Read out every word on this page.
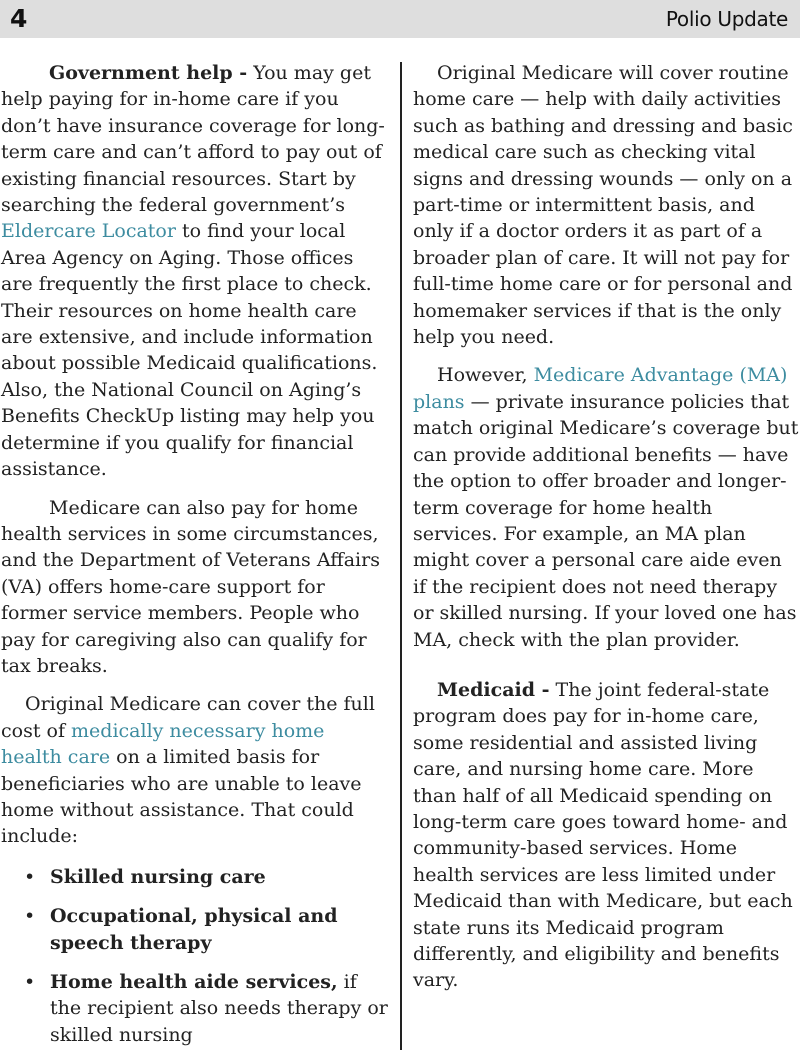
4	Polio Update

Government help - You may get help paying for in-home care if you don’t have insurance coverage for long-term care and can’t afford to pay out of existing financial resources. Start by searching the federal government’s Eldercare Locator to find your local Area Agency on Aging. Those offices are frequently the first place to check. Their resources on home health care are extensive, and include information about possible Medicaid qualifications. Also, the National Council on Aging’s Benefits CheckUp listing may help you determine if you qualify for financial assistance.

Medicare can also pay for home health services in some circumstances, and the Department of Veterans Affairs (VA) offers home-care support for former service members. People who pay for caregiving also can qualify for tax breaks.

Original Medicare can cover the full cost of medically necessary home health care on a limited basis for beneficiaries who are unable to leave home without assistance. That could include:

• Skilled nursing care
• Occupational, physical and speech therapy
• Home health aide services, if the recipient also needs therapy or skilled nursing

Original Medicare will cover routine home care — help with daily activities such as bathing and dressing and basic medical care such as checking vital signs and dressing wounds — only on a part-time or intermittent basis, and only if a doctor orders it as part of a broader plan of care. It will not pay for full-time home care or for personal and homemaker services if that is the only help you need.

However, Medicare Advantage (MA) plans — private insurance policies that match original Medicare’s coverage but can provide additional benefits — have the option to offer broader and longer-term coverage for home health services. For example, an MA plan might cover a personal care aide even if the recipient does not need therapy or skilled nursing. If your loved one has MA, check with the plan provider.

Medicaid - The joint federal-state program does pay for in-home care, some residential and assisted living care, and nursing home care. More than half of all Medicaid spending on long-term care goes toward home- and community-based services. Home health services are less limited under Medicaid than with Medicare, but each state runs its Medicaid program differently, and eligibility and benefits vary.
